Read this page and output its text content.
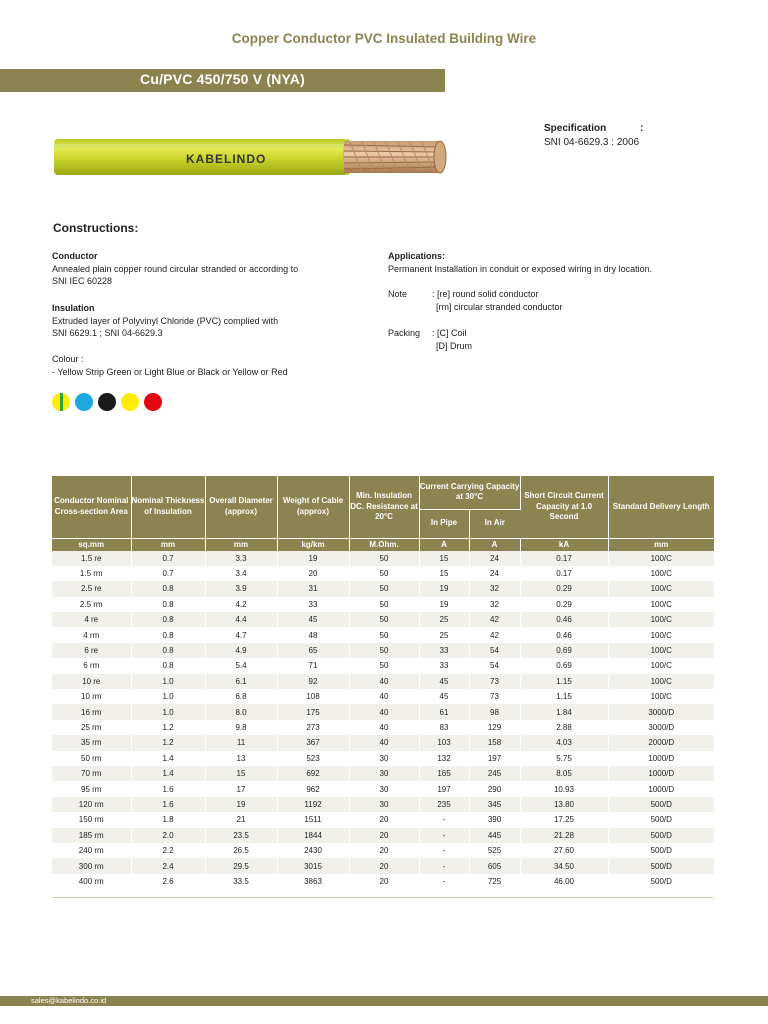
Copper Conductor PVC Insulated Building Wire
Cu/PVC 450/750 V (NYA)
KABELINDO
Specification	:
SNI 04-6629.3 : 2006
Constructions:
Conductor
Annealed plain copper round circular stranded or according to
SNI IEC 60228
Insulation
Extruded layer of Polyvinyl Chloride (PVC) complied with
SNI 6629.1 ; SNI 04-6629.3
Colour :
- Yellow Strip Green or Light Blue or Black or Yellow or Red
Applications:
Permanent Installation in conduit or exposed wiring in dry location.
Note	: [re] round solid conductor
[rm] circular stranded conductor
Packing	: [C] Coil
[D] Drum
Conductor Nominal Cross-section Area	Nominal Thickness of Insulation	Overall Diameter (approx)	Weight of Cable (approx)	Min. Insulation DC. Resistance at 20°C	Current Carrying Capacity at 30°C		Short Circuit Current Capacity at 1.0 Second	Standard Delivery Length
					In Pipe	In Air		
sq.mm	mm	mm	kg/km	M.Ohm.	A	A	kA	mm
1.5 re	0.7	3.3	19	50	15	24	0.17	100/C
1.5 rm	0.7	3.4	20	50	15	24	0.17	100/C
2.5 re	0.8	3.9	31	50	19	32	0.29	100/C
2.5 rm	0.8	4.2	33	50	19	32	0.29	100/C
4 re	0.8	4.4	45	50	25	42	0.46	100/C
4 rm	0.8	4.7	48	50	25	42	0.46	100/C
6 re	0.8	4.9	65	50	33	54	0.69	100/C
6 rm	0.8	5.4	71	50	33	54	0.69	100/C
10 re	1.0	6.1	92	40	45	73	1.15	100/C
10 rm	1.0	6.8	108	40	45	73	1.15	100/C
16 rm	1.0	8.0	175	40	61	98	1.84	3000/D
25 rm	1.2	9.8	273	40	83	129	2.88	3000/D
35 rm	1.2	11	367	40	103	158	4.03	2000/D
50 rm	1.4	13	523	30	132	197	5.75	1000/D
70 rm	1.4	15	692	30	165	245	8.05	1000/D
95 rm	1.6	17	962	30	197	290	10.93	1000/D
120 rm	1.6	19	1192	30	235	345	13.80	500/D
150 rm	1.8	21	1511	20	-	390	17.25	500/D
185 rm	2.0	23.5	1844	20	-	445	21.28	500/D
240 rm	2.2	26.5	2430	20	-	525	27.60	500/D
300 rm	2.4	29.5	3015	20	-	605	34.50	500/D
400 rm	2.6	33.5	3863	20	-	725	46.00	500/D
sales@kabelindo.co.id
